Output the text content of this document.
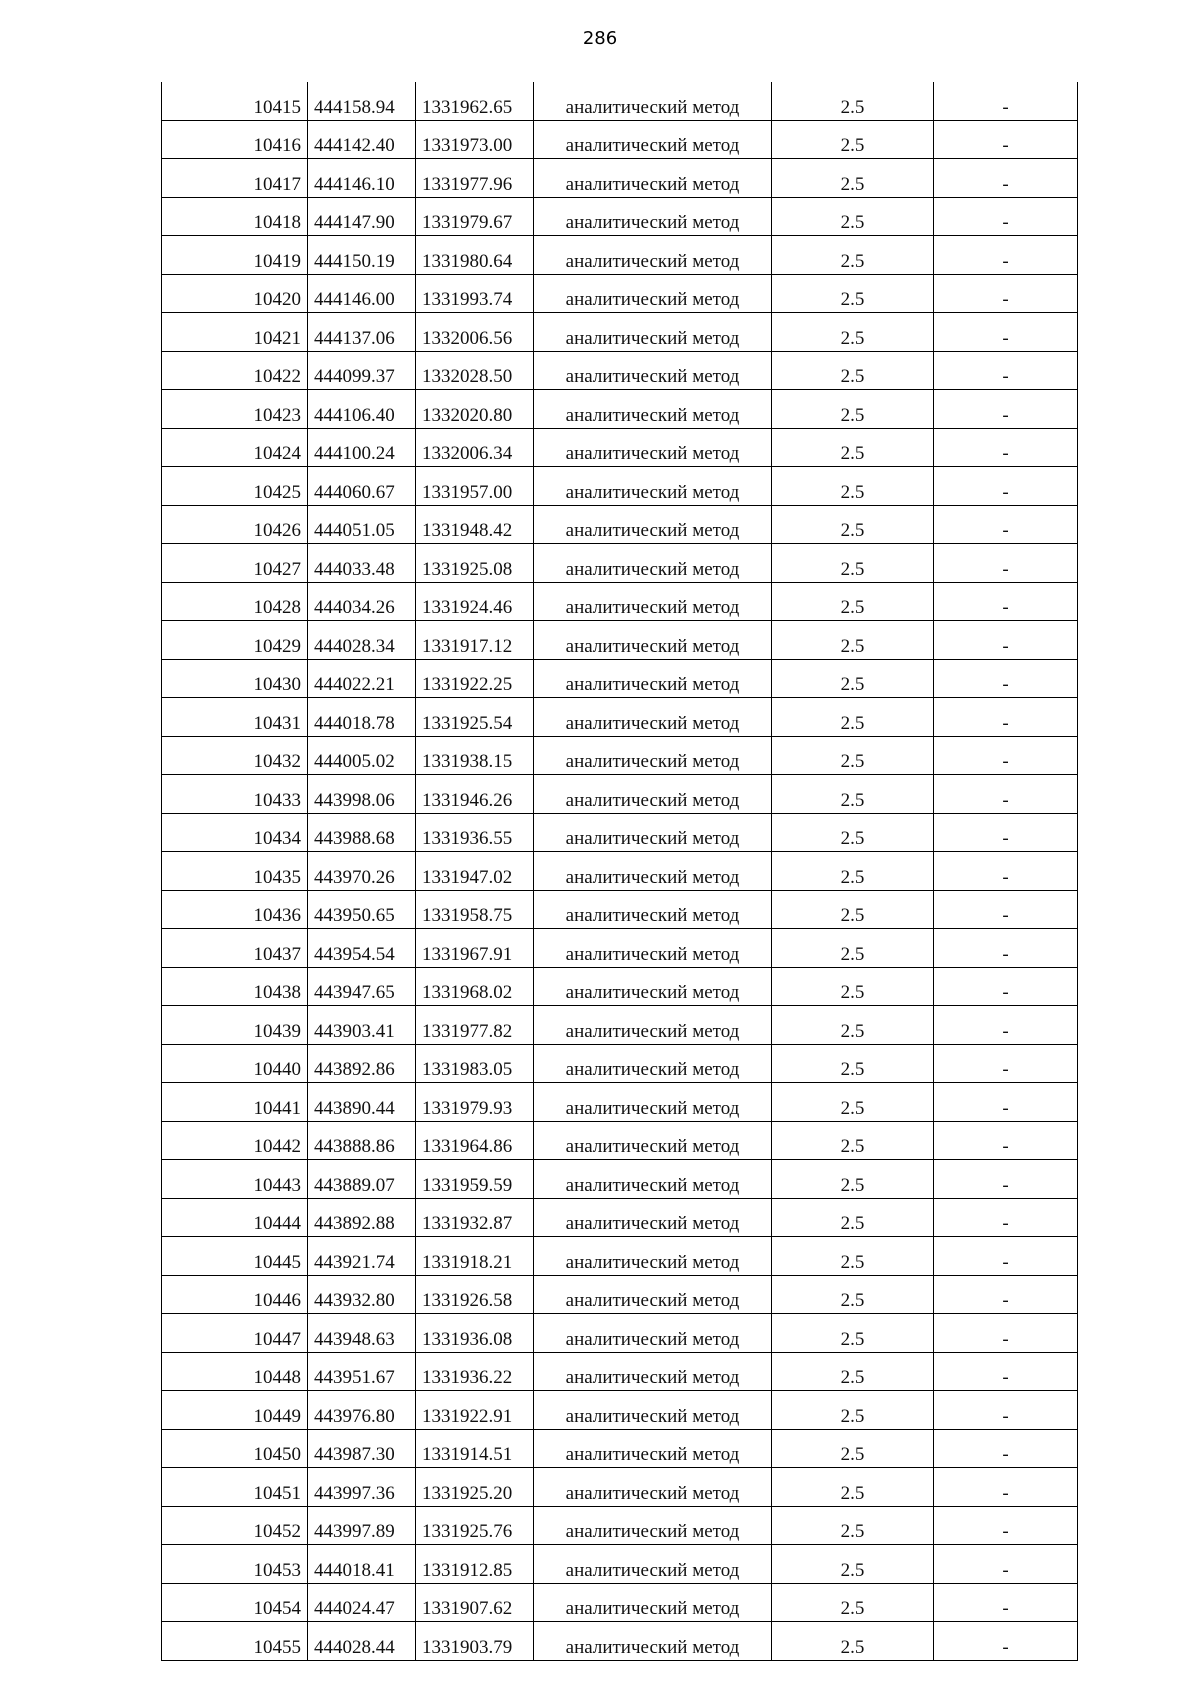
286
10415	444158.94	1331962.65	аналитический метод	2.5	-
10416	444142.40	1331973.00	аналитический метод	2.5	-
10417	444146.10	1331977.96	аналитический метод	2.5	-
10418	444147.90	1331979.67	аналитический метод	2.5	-
10419	444150.19	1331980.64	аналитический метод	2.5	-
10420	444146.00	1331993.74	аналитический метод	2.5	-
10421	444137.06	1332006.56	аналитический метод	2.5	-
10422	444099.37	1332028.50	аналитический метод	2.5	-
10423	444106.40	1332020.80	аналитический метод	2.5	-
10424	444100.24	1332006.34	аналитический метод	2.5	-
10425	444060.67	1331957.00	аналитический метод	2.5	-
10426	444051.05	1331948.42	аналитический метод	2.5	-
10427	444033.48	1331925.08	аналитический метод	2.5	-
10428	444034.26	1331924.46	аналитический метод	2.5	-
10429	444028.34	1331917.12	аналитический метод	2.5	-
10430	444022.21	1331922.25	аналитический метод	2.5	-
10431	444018.78	1331925.54	аналитический метод	2.5	-
10432	444005.02	1331938.15	аналитический метод	2.5	-
10433	443998.06	1331946.26	аналитический метод	2.5	-
10434	443988.68	1331936.55	аналитический метод	2.5	-
10435	443970.26	1331947.02	аналитический метод	2.5	-
10436	443950.65	1331958.75	аналитический метод	2.5	-
10437	443954.54	1331967.91	аналитический метод	2.5	-
10438	443947.65	1331968.02	аналитический метод	2.5	-
10439	443903.41	1331977.82	аналитический метод	2.5	-
10440	443892.86	1331983.05	аналитический метод	2.5	-
10441	443890.44	1331979.93	аналитический метод	2.5	-
10442	443888.86	1331964.86	аналитический метод	2.5	-
10443	443889.07	1331959.59	аналитический метод	2.5	-
10444	443892.88	1331932.87	аналитический метод	2.5	-
10445	443921.74	1331918.21	аналитический метод	2.5	-
10446	443932.80	1331926.58	аналитический метод	2.5	-
10447	443948.63	1331936.08	аналитический метод	2.5	-
10448	443951.67	1331936.22	аналитический метод	2.5	-
10449	443976.80	1331922.91	аналитический метод	2.5	-
10450	443987.30	1331914.51	аналитический метод	2.5	-
10451	443997.36	1331925.20	аналитический метод	2.5	-
10452	443997.89	1331925.76	аналитический метод	2.5	-
10453	444018.41	1331912.85	аналитический метод	2.5	-
10454	444024.47	1331907.62	аналитический метод	2.5	-
10455	444028.44	1331903.79	аналитический метод	2.5	-
